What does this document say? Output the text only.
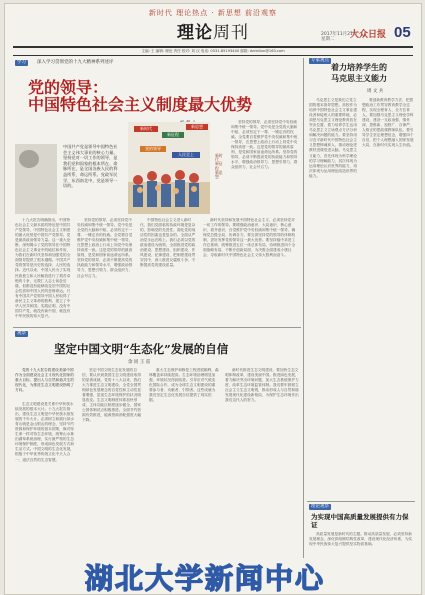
新时代 理论热点 · 新思想 前沿观察
理论周刊	2017年11月21日
星期二	大众日报 05
主编: 王 编辑: 理论 责任 校对: 刘 汉 电话: 0531-85193400 邮箱: dzrblilun@163.com
学习	深入学习贯彻党的十九大精神系列述评
党的领导：
中国特色社会主义制度最大优势
中国共产党是领导中国特色社会主义伟大事业的核心力量。坚持党对一切工作的领导，是我们党和国家的根本所在、命脉所在，是全国各族人民的利益所系、命运所系。党政军民学，东西南北中，党是领导一切的。
新时代
新征程
新思想
党的领导
人民至上	新时代 新征程 新思想

十九大报告明确指出，中国特色社会主义最本质的特征是中国共产党领导，中国特色社会主义制度的最大优势是中国共产党领导。党是最高政治领导力量。这一重大论断，深刻揭示了党的领导在中国特色社会主义事业中的地位和作用，为我们在新时代坚持和加强党的全面领导提供了根本遵循。中国共产党的领导是历史的选择、人民的选择。近代以来，中国人民为了实现民族独立和人民解放进行了艰苦卓绝的斗争，无数仁人志士前赴后继，但都没有能够改变旧中国的社会性质和中国人民的悲惨命运。只有中国共产党领导中国人民取得了新民主主义革命的胜利，建立了中华人民共和国。实践证明，没有中国共产党，就没有新中国，就没有中华民族的伟大复兴。

坚持党的领导，必须坚持党中央权威和集中统一领导。党中央是全党的大脑和中枢，必须有定于一尊、一锤定音的权威。全党要自觉维护党中央权威和集中统一领导，在思想上政治上行动上同党中央保持高度一致。这是党的领导的最高原则，是党和国家前途命运所系。坚持党的领导，必须不断提高党的执政能力和领导水平，增强政治领导力、思想引领力、群众组织力、社会号召力。

中国特色社会主义进入新时代，我们党面临的执政环境是复杂的，影响党的先进性、弱化党的纯洁性的因素也是复杂的。全面从严治党永远在路上。我们必须以党的政治建设为统领，全面推进党的政治建设、思想建设、组织建设、作风建设、纪律建设，把制度建设贯穿其中，深入推进反腐败斗争，不断提高党的建设质量。

新时代坚持和发展中国特色社会主义，必须坚持党对一切工作的领导。要增强政治意识、大局意识、核心意识、看齐意识，自觉维护党中央权威和集中统一领导，确保党总揽全局、协调各方。要完善坚持党的领导的体制机制，更好发挥党的领导这一最大优势。要坚持稳中求进工作总基调，统筹推进五位一体总体布局，协调推进四个全面战略布局，不断开创新局面，为决胜全面建成小康社会、夺取新时代中国特色社会主义伟大胜利而奋斗。

坚持党的领导，必须坚持党中央权威和集中统一领导。党中央是全党的大脑和中枢，必须有定于一尊、一锤定音的权威。全党要自觉维护党中央权威和集中统一领导，在思想上政治上行动上同党中央保持高度一致。这是党的领导的最高原则，是党和国家前途命运所系。坚持党的领导，必须不断提高党的执政能力和领导水平，增强政治领导力、思想引领力、群众组织力、社会号召力。

专家观点
着力培养学生的
马克思主义能力
周 文 兵

马克思主义是我们立党立国的根本指导思想。高校作为培养中国特色社会主义事业建设者和接班人的重要阵地，必须把马克思主义理论教育放在突出位置，着力培养学生运用马克思主义立场观点方法分析和解决问题的能力。要坚持用习近平新时代中国特色社会主义思想铸魂育人，推动理论进教材进课堂进头脑。马克思主义能力，首先体现为科学理论的学习理解能力，其次体现为运用理论认识世界的能力，再次体现为运用理论改造世界的能力。

要创新教育教学方法，把思想政治工作贯穿教育教学全过程，实现全程育人、全方位育人。要加强马克思主义理论学科建设，建设一支政治强、情怀深、思维新、视野广、自律严、人格正的思政课教师队伍。要引导学生坚定理想信念，增强四个自信，把个人理想融入国家发展大局，在新时代实现人生价值。

理论观察
为实现中国高质量发展提供有力保证

高质量发展是新时代的主题。推动高质量发展，必须坚持新发展理念，深化供给侧结构性改革，建设现代化经济体系，为实现中华民族伟大复兴提供坚实物质基础。

观察
坚定中国文明“生态化”发展的自信
余 同 王 雷

党的十九大报告将建设美丽中国作为全面建设社会主义现代化国家的重大目标，提出人与自然和谐共生的现代化，为推进生态文明建设指明了方向。

生态文明建设是关系中华民族永续发展的根本大计。十九大报告指出，建设生态文明是中华民族永续发展的千年大计。必须树立和践行绿水青山就是金山银山的理念，坚持节约资源和保护环境的基本国策，像对待生命一样对待生态环境，统筹山水林田湖草系统治理，实行最严格的生态环境保护制度，形成绿色发展方式和生活方式。中国文明的生态化发展，根植于中华优秀传统文化中天人合一、道法自然的生态智慧。

坚定中国文明生态化发展的自信，要认识到我国生态文明建设取得的显著成就。党的十八大以来，我们大力推进生态文明建设，全党全国贯彻绿色发展理念的自觉性和主动性显著增强，忽视生态环境保护的状况明显改变。生态文明制度体系加快形成，主体功能区制度逐步健全，国家公园体制试点积极推进。全面节约资源有效推进，能源资源消耗强度大幅下降。

重大生态保护和修复工程进展顺利，森林覆盖率持续提高。生态环境治理明显加强，环境状况得到改善。引导应对气候变化国际合作，成为全球生态文明建设的重要参与者、贡献者、引领者。这些成就为我们坚定生态化发展自信提供了现实依据。

新时代推进生态文明建设，要加快生态文明体制改革，建设美丽中国。推进绿色发展，着力解决突出环境问题，加大生态系统保护力度，改革生态环境监管体制。我们要牢固树立社会主义生态文明观，推动形成人与自然和谐发展现代化建设新格局，为保护生态环境作出我们这代人的努力。

湖北大学新闻中心
